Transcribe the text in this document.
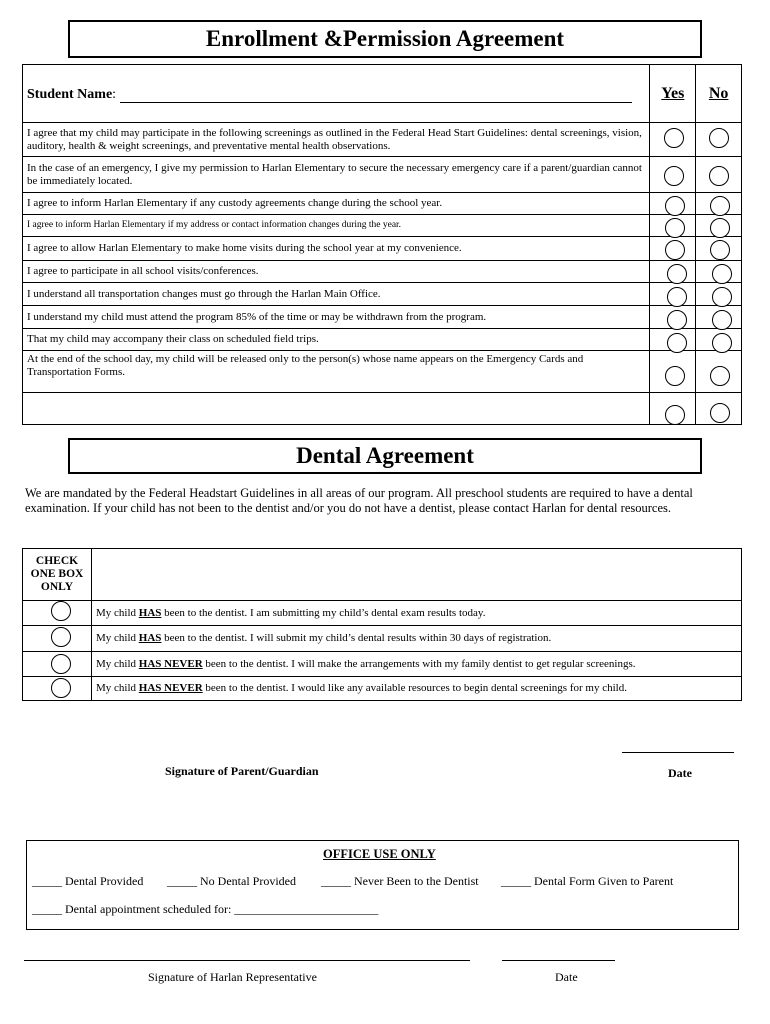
Enrollment &Permission Agreement
Student Name:	Yes	No
I agree that my child may participate in the following screenings as outlined in the Federal Head Start Guidelines: dental screenings, vision, auditory, health & weight screenings, and preventative mental health observations.		
In the case of an emergency, I give my permission to Harlan Elementary to secure the necessary emergency care if a parent/guardian cannot be immediately located.		
I agree to inform Harlan Elementary if any custody agreements change during the school year.		
I agree to inform Harlan Elementary if my address or contact information changes during the year.		
I agree to allow Harlan Elementary to make home visits during the school year at my convenience.		
I agree to participate in all school visits/conferences.		
I understand all transportation changes must go through the Harlan Main Office.		
I understand my child must attend the program 85% of the time or may be withdrawn from the program.		
That my child may accompany their class on scheduled field trips.		
At the end of the school day, my child will be released only to the person(s) whose name appears on the Emergency Cards and Transportation Forms.		

Dental Agreement
We are mandated by the Federal Headstart Guidelines in all areas of our program. All preschool students are required to have a dental examination. If your child has not been to the dentist and/or you do not have a dentist, please contact Harlan for dental resources.
CHECK ONE BOX ONLY	
	My child HAS been to the dentist. I am submitting my child’s dental exam results today.
	My child HAS been to the dentist. I will submit my child’s dental results within 30 days of registration.
	My child HAS NEVER been to the dentist. I will make the arrangements with my family dentist to get regular screenings.
	My child HAS NEVER been to the dentist. I would like any available resources to begin dental screenings for my child.
Signature of Parent/Guardian	Date
OFFICE USE ONLY
_____ Dental Provided _____ No Dental Provided _____ Never Been to the Dentist _____ Dental Form Given to Parent
_____ Dental appointment scheduled for: ________________________
Signature of Harlan Representative	Date
